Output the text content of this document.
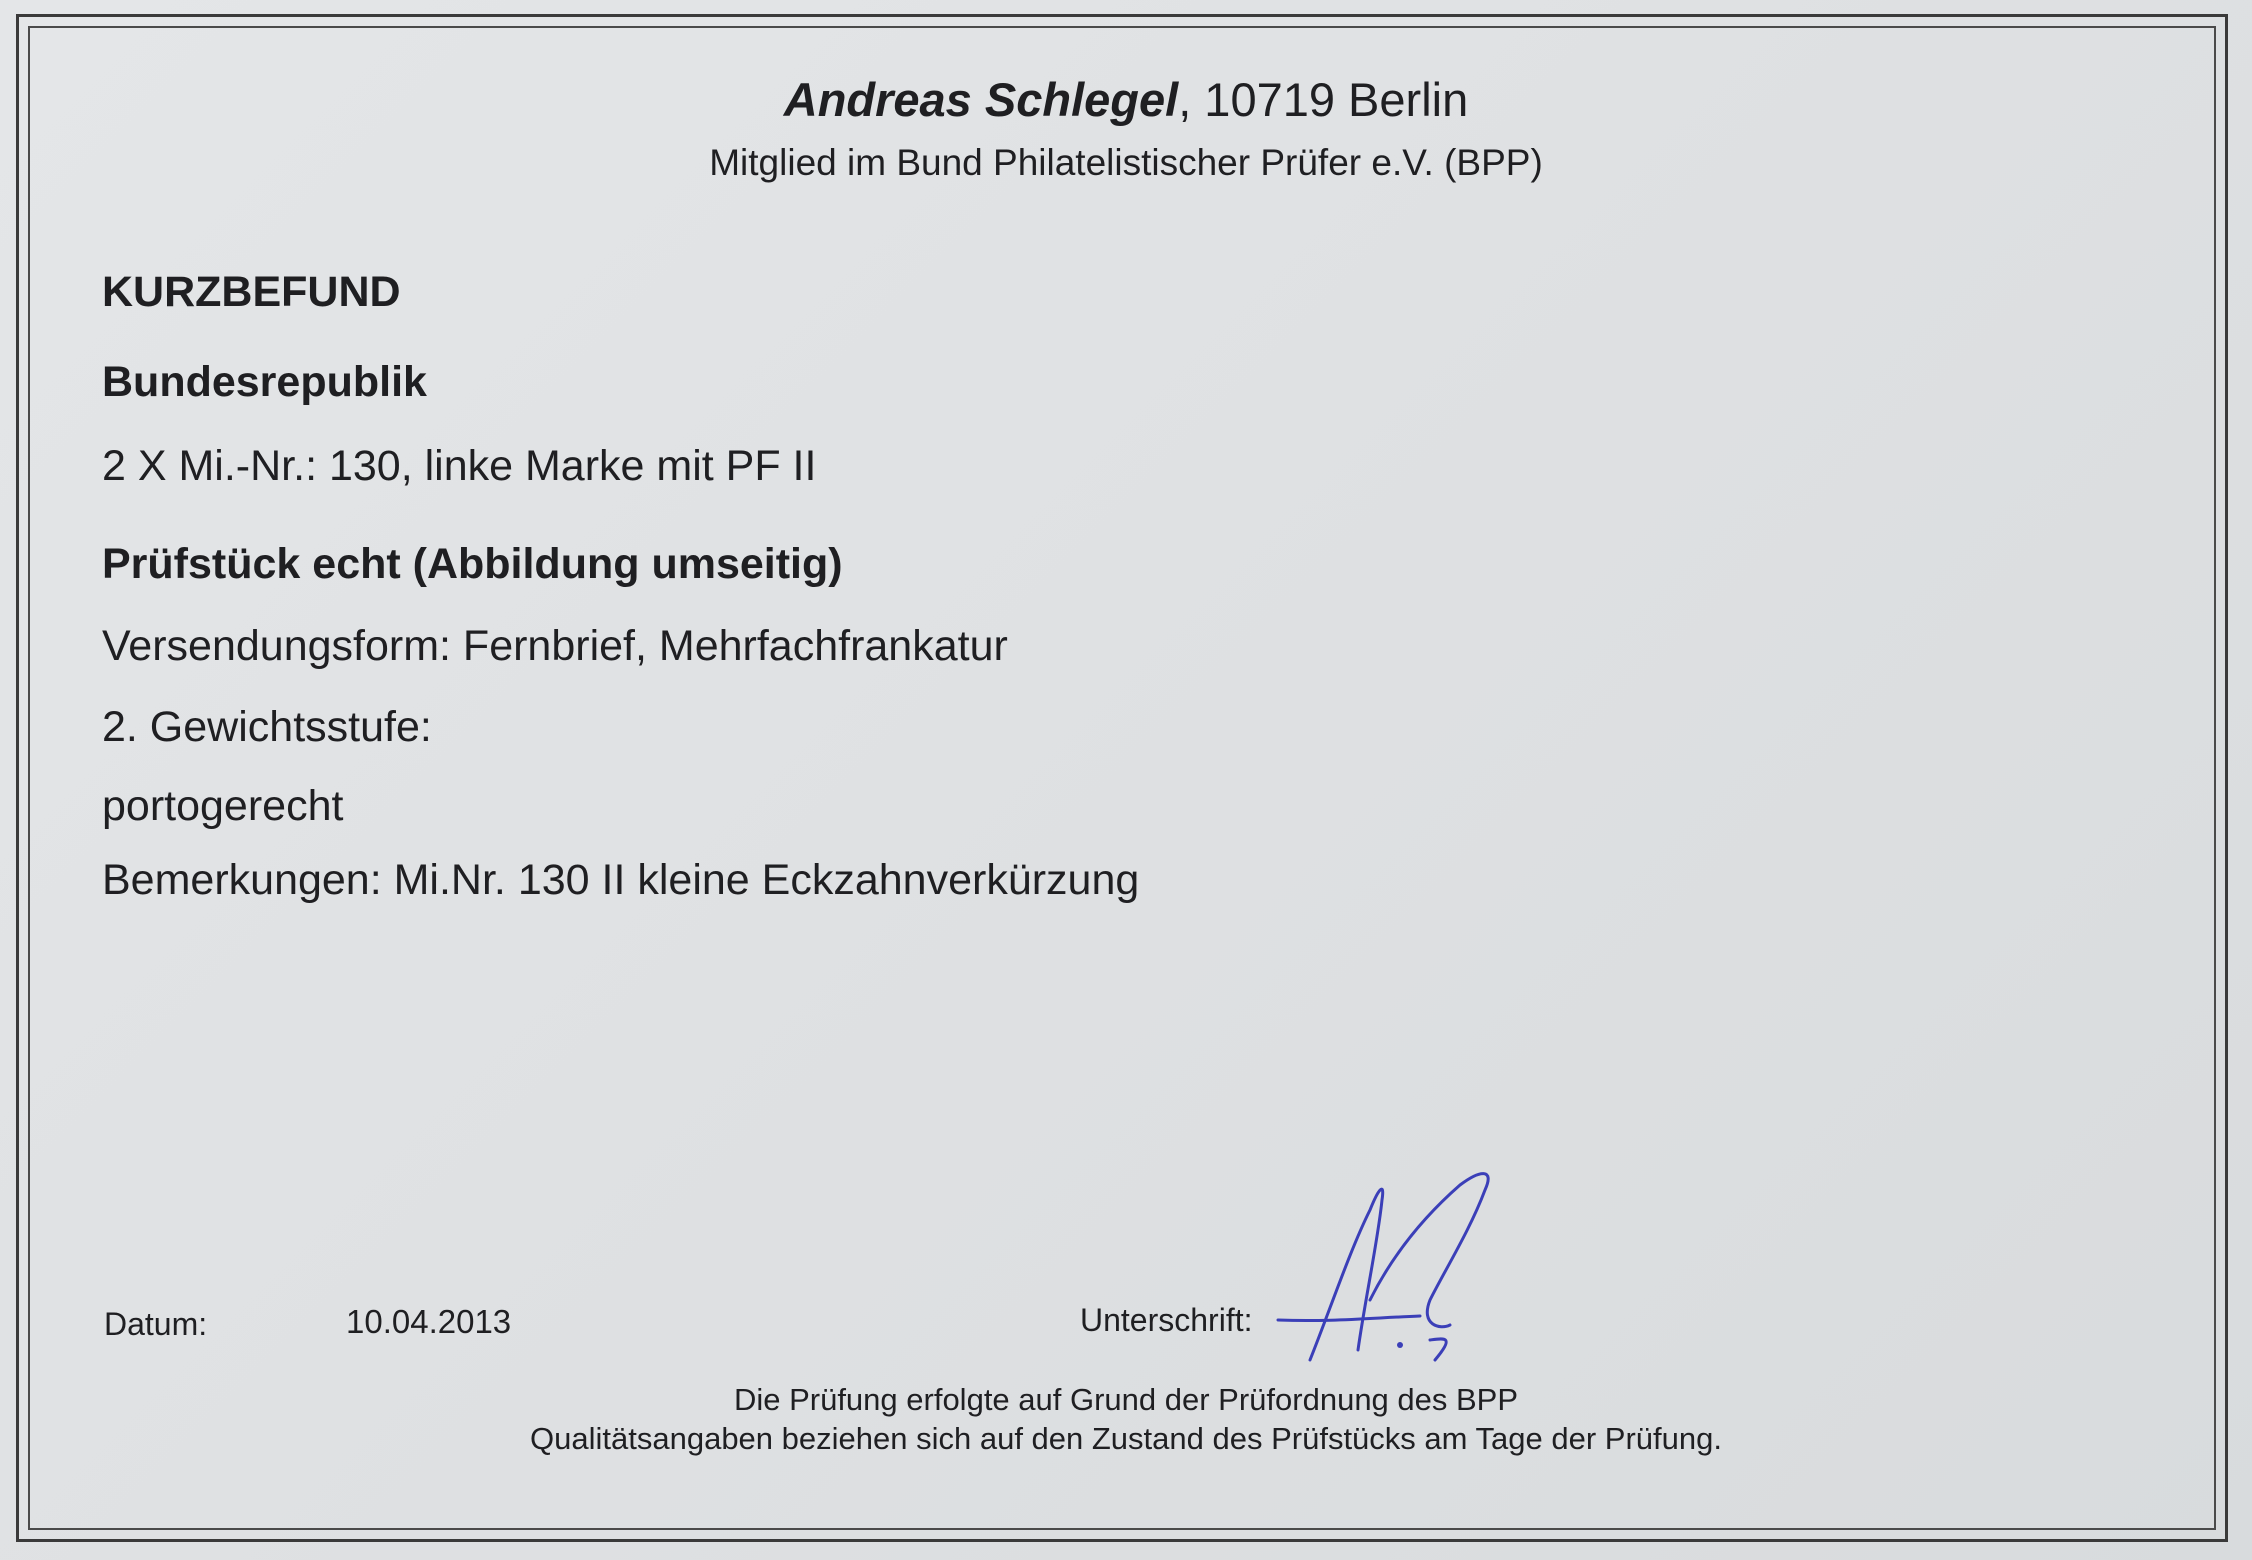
Andreas Schlegel, 10719 Berlin
Mitglied im Bund Philatelistischer Prüfer e.V. (BPP)
KURZBEFUND
Bundesrepublik
2 X Mi.-Nr.: 130, linke Marke mit PF II
Prüfstück echt (Abbildung umseitig)
Versendungsform: Fernbrief, Mehrfachfrankatur
2. Gewichtsstufe:
portogerecht
Bemerkungen: Mi.Nr. 130 II kleine Eckzahnverkürzung
Datum:	10.04.2013	Unterschrift:
Die Prüfung erfolgte auf Grund der Prüfordnung des BPP
Qualitätsangaben beziehen sich auf den Zustand des Prüfstücks am Tage der Prüfung.
